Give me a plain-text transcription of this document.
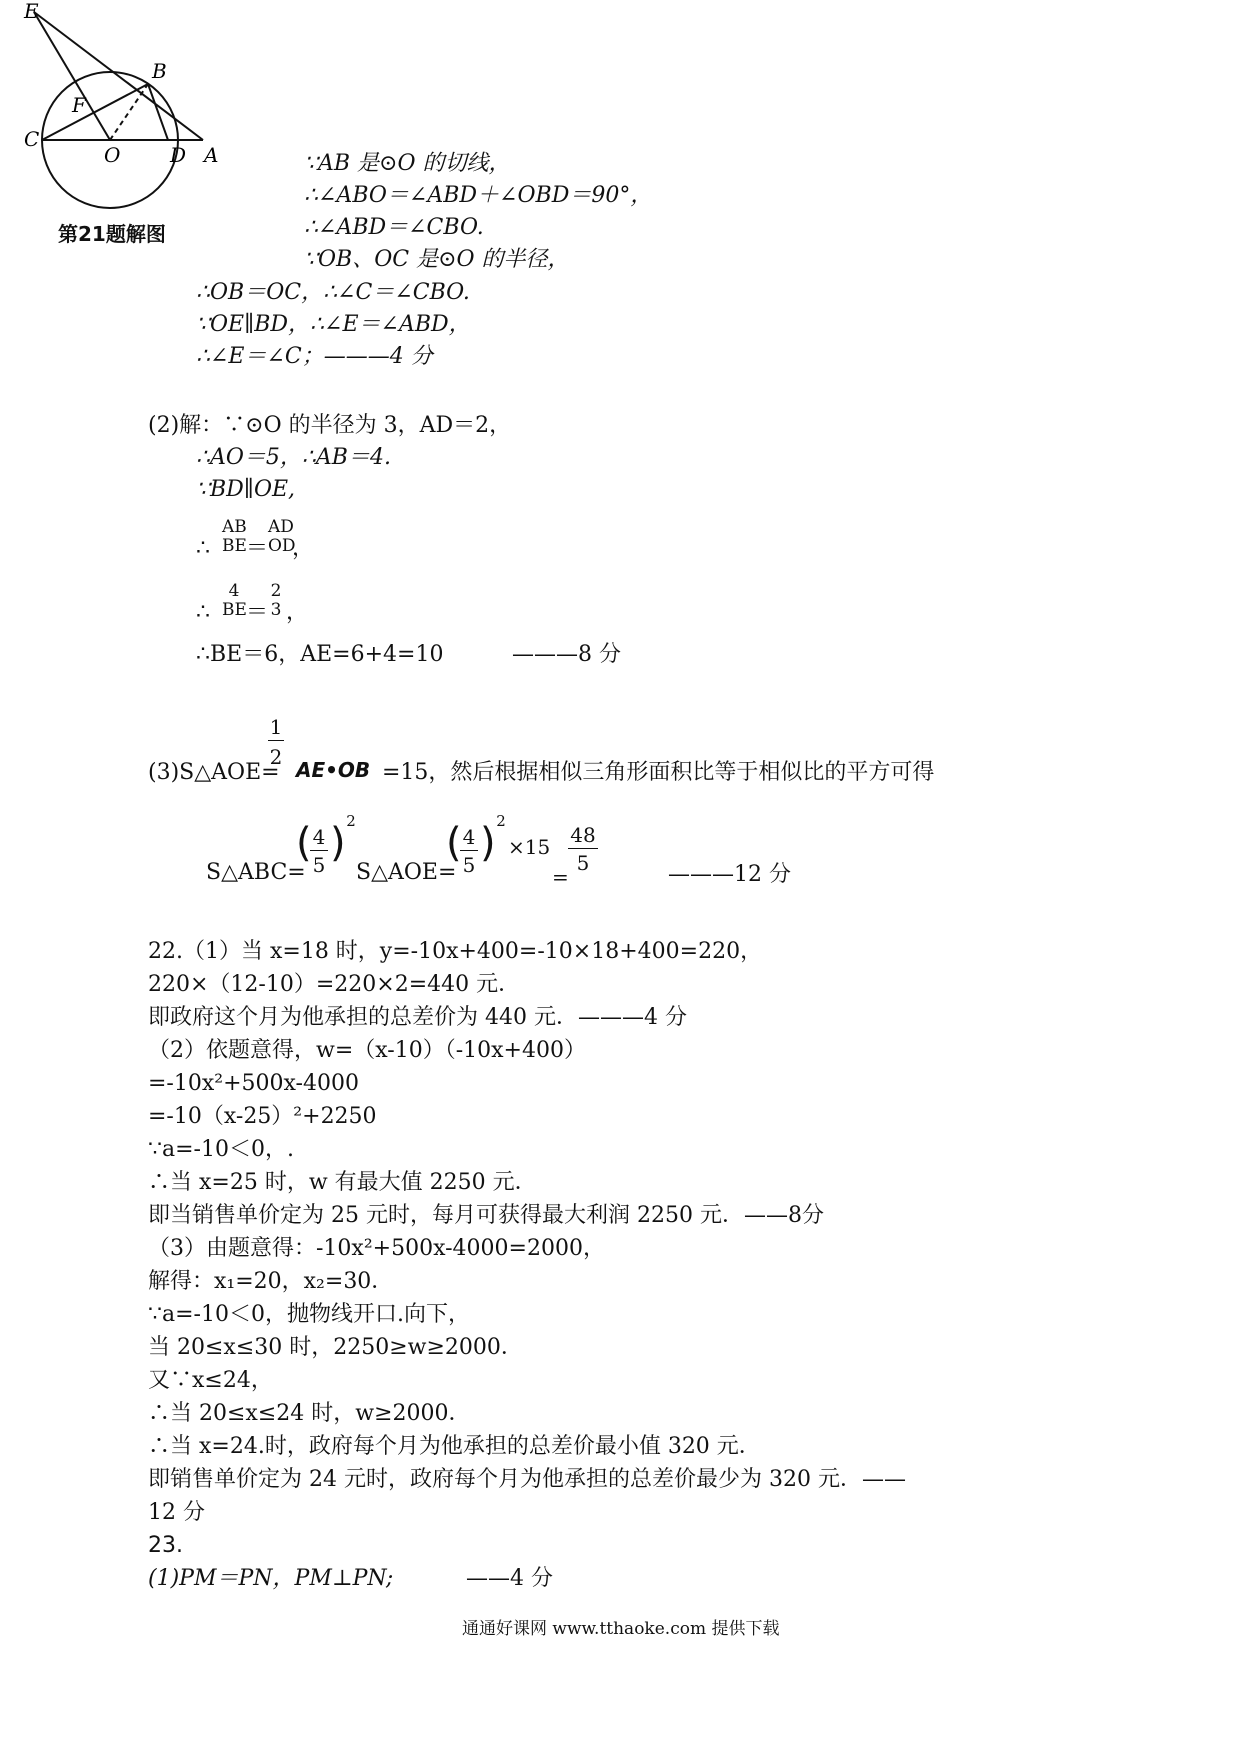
E
F
B
C
O D A
第21题解图
∵AB 是⊙O 的切线，
∴∠ABO＝∠ABD＋∠OBD＝90°，
∴∠ABD＝∠CBO.
∵OB、OC 是⊙O 的半径，
∴OB＝OC，∴∠C＝∠CBO.
∵OE∥BD，∴∠E＝∠ABD，
∴∠E＝∠C；———4 分
(2)解：∵⊙O 的半径为 3，AD＝2，
∴AO＝5，∴AB＝4.
∵BD∥OE,
∴
AB
BE ＝
AD
OD
，
∴
4
BE ＝
2
3 ，
∴BE＝6，AE=6+4=10	———8 分
(3)S△AOE=
1
2
AE•OB =15，然后根据相似三角形面积比等于相似比的平方可得
S△ABC=
( 4
5 ) 2
S△AOE=
( 4
5 ) 2
×15
=
48
5	———12 分
22.（1）当 x=18 时，y=-10x+400=-10×18+400=220，
220×（12-10）=220×2=440 元．
即政府这个月为他承担的总差价为 440 元．———4 分
（2）依题意得，w=（x-10）（-10x+400）
=-10x²+500x-4000
=-10（x-25）²+2250
∵a=-10＜0，.
∴当 x=25 时，w 有最大值 2250 元．
即当销售单价定为 25 元时，每月可获得最大利润 2250 元．——8分
（3）由题意得：-10x²+500x-4000=2000，
解得：x₁=20，x₂=30．
∵a=-10＜0，抛物线开口.向下，
当 20≤x≤30 时，2250≥w≥2000．
又∵x≤24，
∴当 20≤x≤24 时，w≥2000．
∴当 x=24.时，政府每个月为他承担的总差价最小值 320 元．
即销售单价定为 24 元时，政府每个月为他承担的总差价最少为 320 元．——
12 分
23.
(1)PM＝PN，PM⊥PN;	——4 分
通通好课网 www.tthaoke.com 提供下载
